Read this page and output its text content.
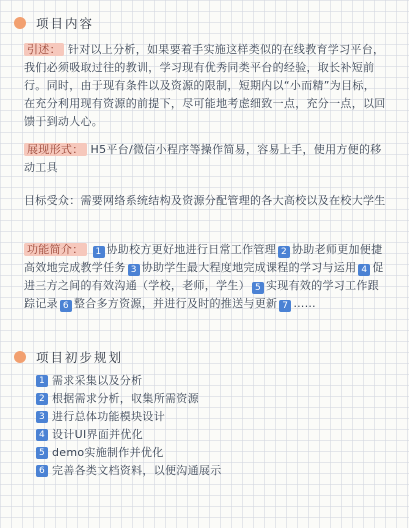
项目内容
引述： 针对以上分析，如果要着手实施这样类似的在线教育学习平台，我们必须吸取过往的教训，学习现有优秀同类平台的经验，取长补短前行。同时，由于现有条件以及资源的限制，短期内以“小而精”为目标，在充分利用现有资源的前提下，尽可能地考虑细致一点，充分一点，以回馈于到动人心。
展现形式： H5平台/微信小程序等操作简易，容易上手，使用方便的移动工具
目标受众：需要网络系统结构及资源分配管理的各大高校以及在校大学生
功能简介： 1 协助校方更好地进行日常工作管理 2 协助老师更加便捷高效地完成教学任务 3 协助学生最大程度地完成课程的学习与运用 4 促进三方之间的有效沟通（学校，老师，学生） 5 实现有效的学习工作跟踪记录 6 整合多方资源，并进行及时的推送与更新 7 ……
项目初步规划
1 需求采集以及分析
2 根据需求分析，収集所需资源
3 进行总体功能模块设计
4 设计UI界面并优化
5 demo实施制作并优化
6 完善各类文档资料，以便沟通展示
